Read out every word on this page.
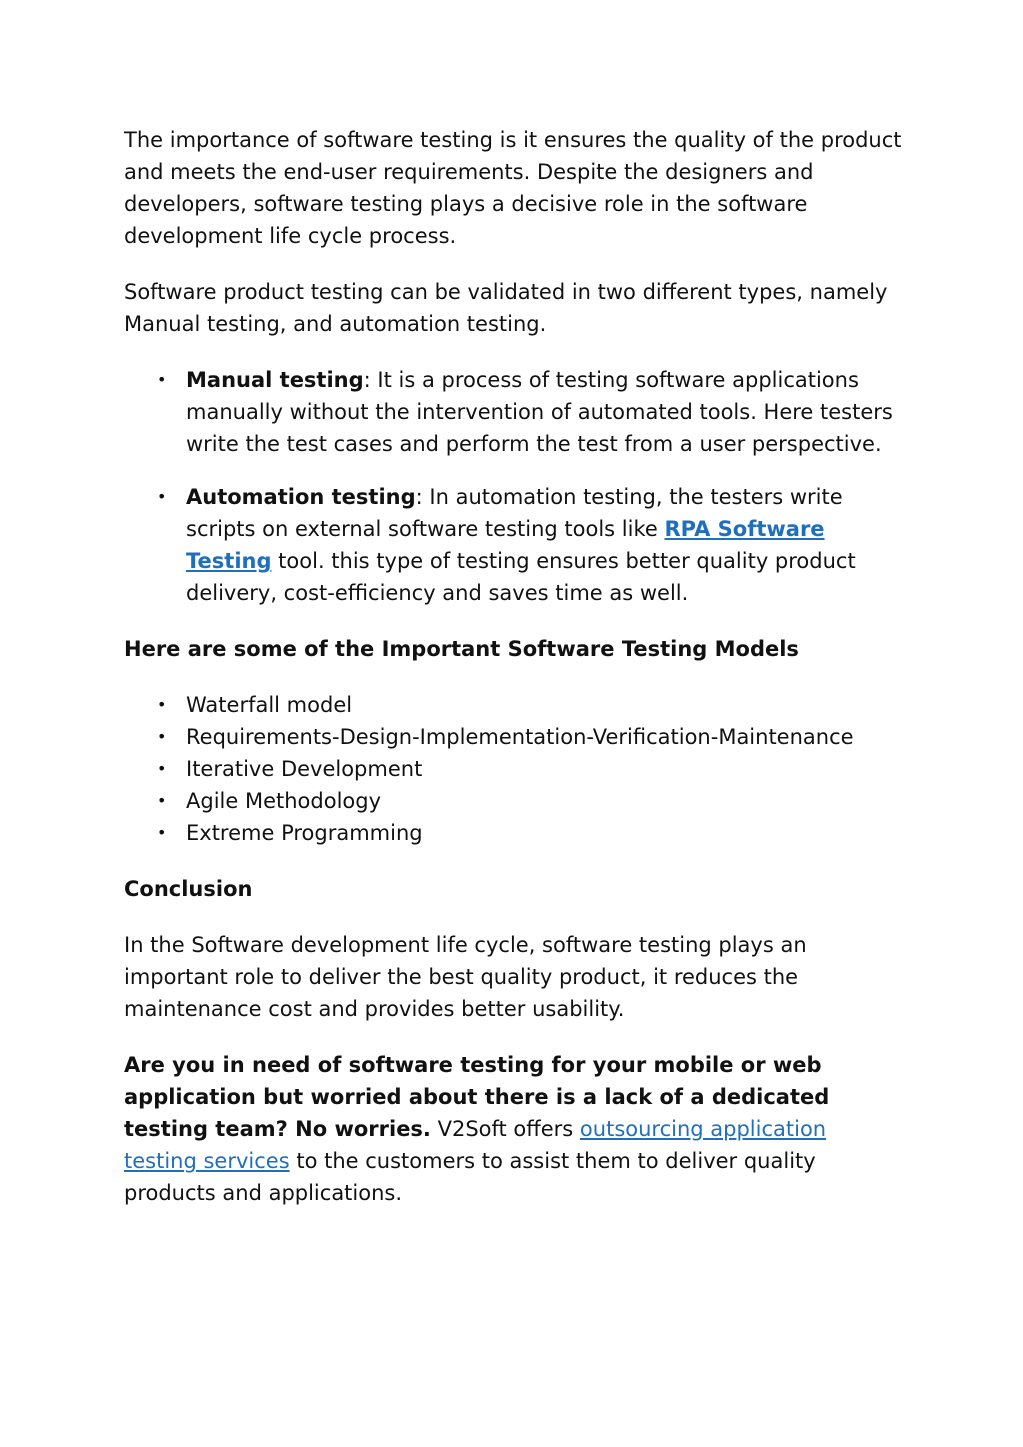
The importance of software testing is it ensures the quality of the product and meets the end-user requirements. Despite the designers and developers, software testing plays a decisive role in the software development life cycle process.

Software product testing can be validated in two different types, namely Manual testing, and automation testing.

• Manual testing: It is a process of testing software applications manually without the intervention of automated tools. Here testers write the test cases and perform the test from a user perspective.
• Automation testing: In automation testing, the testers write scripts on external software testing tools like RPA Software Testing tool. this type of testing ensures better quality product delivery, cost-efficiency and saves time as well.

Here are some of the Important Software Testing Models

• Waterfall model
• Requirements-Design-Implementation-Verification-Maintenance
• Iterative Development
• Agile Methodology
• Extreme Programming

Conclusion

In the Software development life cycle, software testing plays an important role to deliver the best quality product, it reduces the maintenance cost and provides better usability.

Are you in need of software testing for your mobile or web application but worried about there is a lack of a dedicated testing team? No worries. V2Soft offers outsourcing application testing services to the customers to assist them to deliver quality products and applications.
